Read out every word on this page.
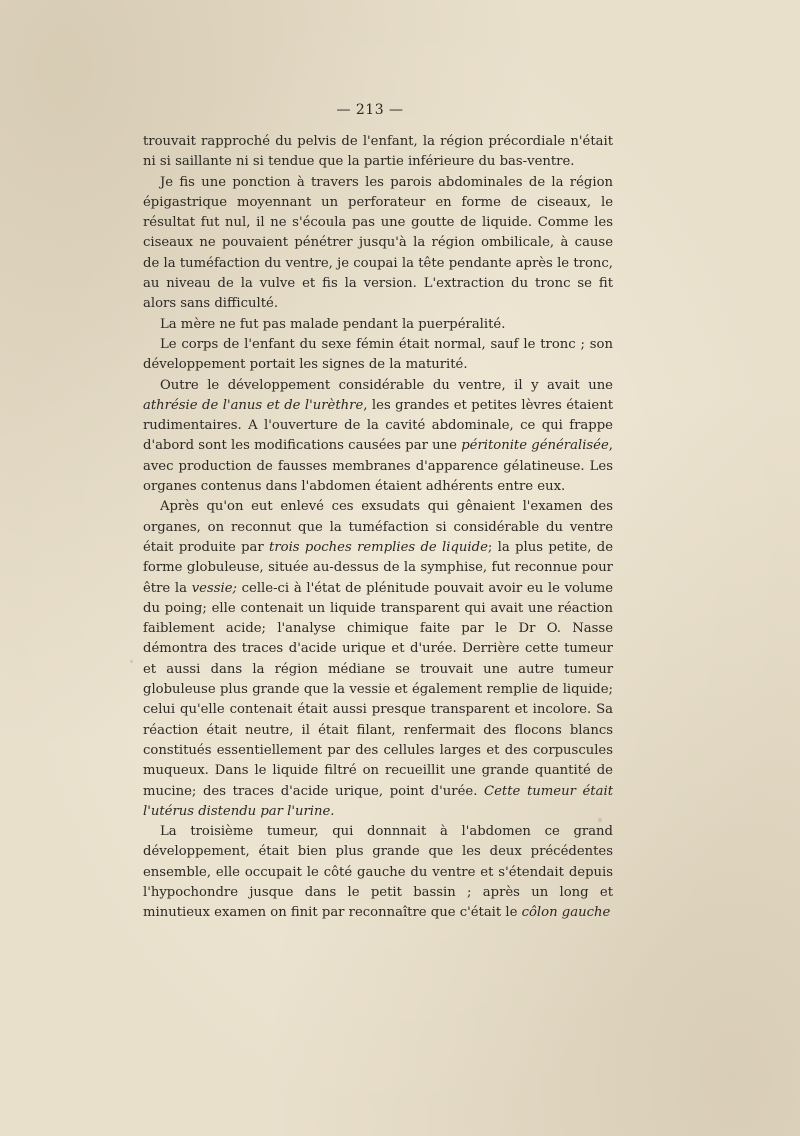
— 213 —

trouvait rapproché du pelvis de l'enfant, la région précordiale n'était ni si saillante ni si tendue que la partie inférieure du bas-ventre.

Je fis une ponction à travers les parois abdominales de la région épigastrique moyennant un perforateur en forme de ciseaux, le résultat fut nul, il ne s'écoula pas une goutte de liquide. Comme les ciseaux ne pouvaient pénétrer jusqu'à la région ombilicale, à cause de la tuméfaction du ventre, je coupai la tête pendante après le tronc, au niveau de la vulve et fis la version. L'extraction du tronc se fit alors sans difficulté.

La mère ne fut pas malade pendant la puerpéralité.

Le corps de l'enfant du sexe fémin était normal, sauf le tronc ; son développement portait les signes de la maturité.

Outre le développement considérable du ventre, il y avait une athrésie de l'anus et de l'urèthre, les grandes et petites lèvres étaient rudimentaires. A l'ouverture de la cavité abdominale, ce qui frappe d'abord sont les modifications causées par une péritonite généralisée, avec production de fausses membranes d'apparence gélatineuse. Les organes contenus dans l'abdomen étaient adhérents entre eux.

Après qu'on eut enlevé ces exsudats qui gênaient l'examen des organes, on reconnut que la tuméfaction si considérable du ventre était produite par trois poches remplies de liquide; la plus petite, de forme globuleuse, située au-dessus de la symphise, fut reconnue pour être la vessie; celle-ci à l'état de plénitude pouvait avoir eu le volume du poing; elle contenait un liquide transparent qui avait une réaction faiblement acide; l'analyse chimique faite par le Dr O. Nasse démontra des traces d'acide urique et d'urée. Derrière cette tumeur et aussi dans la région médiane se trouvait une autre tumeur globuleuse plus grande que la vessie et également remplie de liquide; celui qu'elle contenait était aussi presque transparent et incolore. Sa réaction était neutre, il était filant, renfermait des flocons blancs constitués essentiellement par des cellules larges et des corpuscules muqueux. Dans le liquide filtré on recueillit une grande quantité de mucine; des traces d'acide urique, point d'urée. Cette tumeur était l'utérus distendu par l'urine.

La troisième tumeur, qui donnnait à l'abdomen ce grand développement, était bien plus grande que les deux précédentes ensemble, elle occupait le côté gauche du ventre et s'étendait depuis l'hypochondre jusque dans le petit bassin ; après un long et minutieux examen on finit par reconnaître que c'était le côlon gauche
